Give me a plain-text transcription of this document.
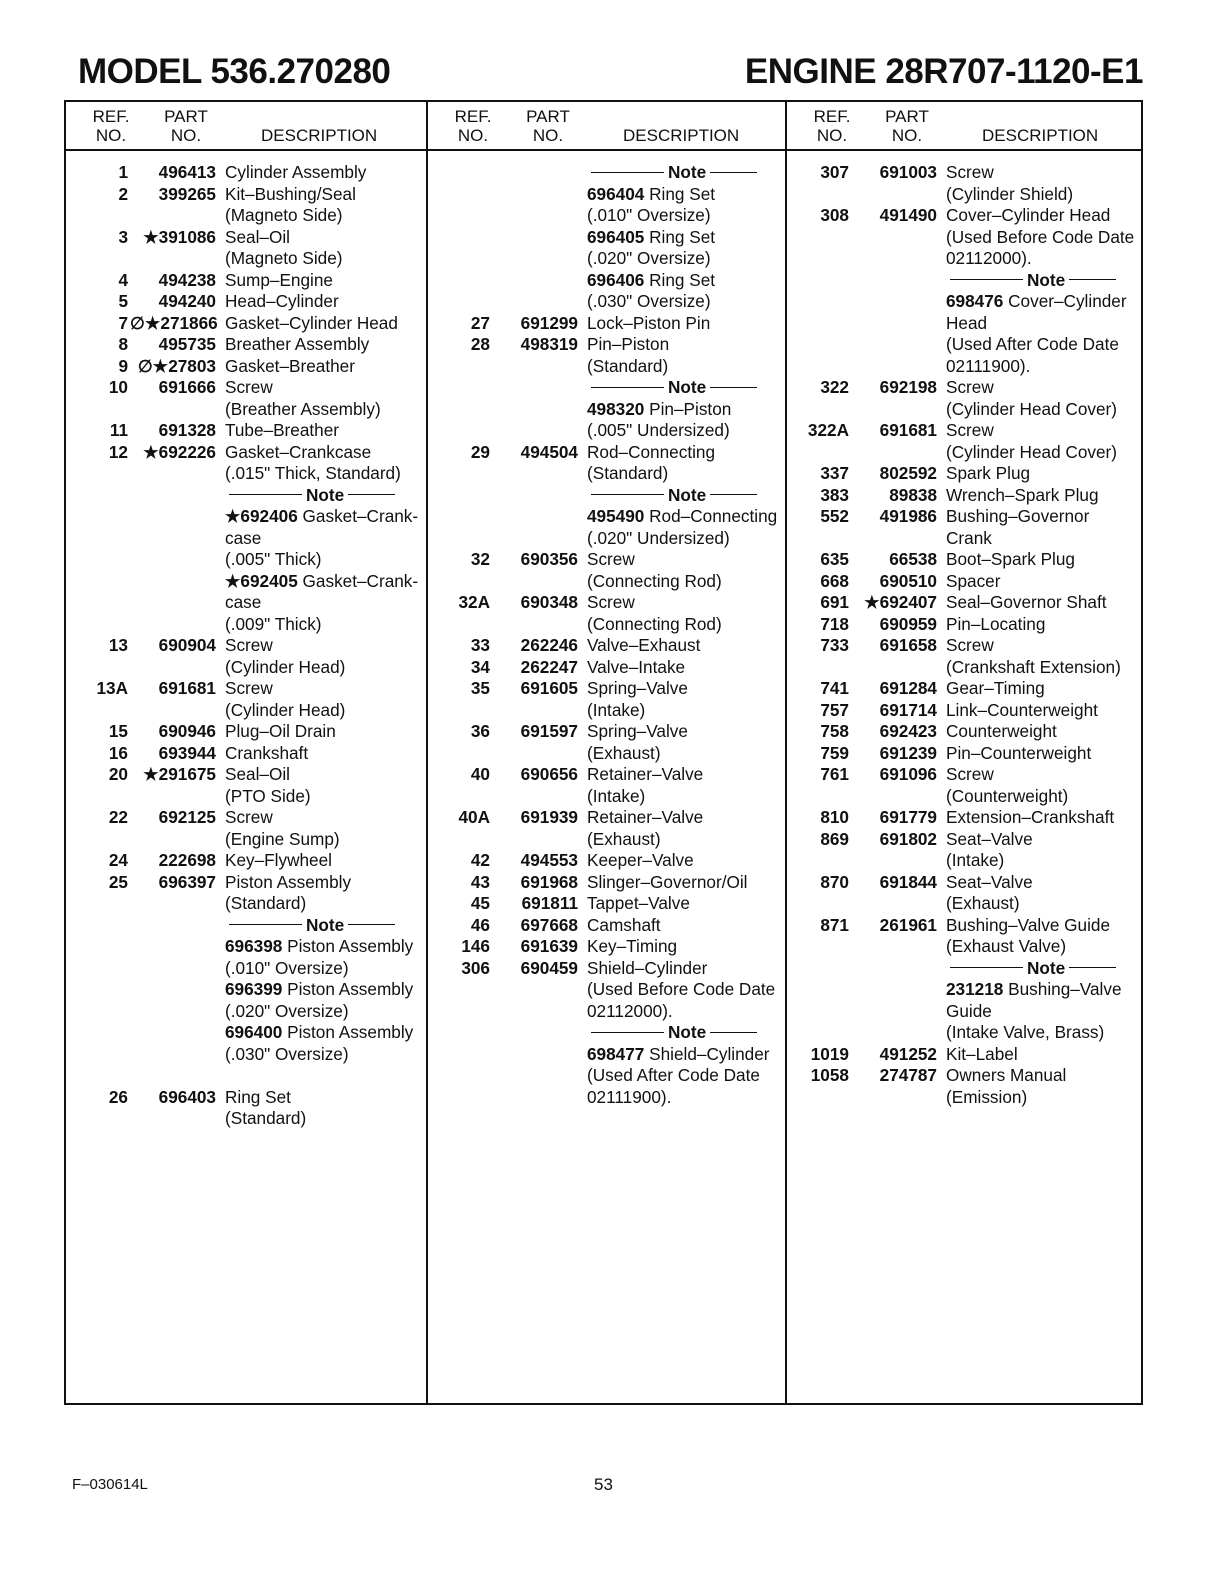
MODEL 536.270280	ENGINE 28R707-1120-E1
REF.
NO.
PART
NO.	DESCRIPTION
1	496413 Cylinder Assembly
2	399265 Kit–Bushing/Seal
(Magneto Side)
3 ★391086 Seal–Oil
(Magneto Side)
4	494238 Sump–Engine
5	494240 Head–Cylinder
7 ∅★271866 Gasket–Cylinder Head
8	495735 Breather Assembly
9 ∅★27803 Gasket–Breather
10	691666 Screw
(Breather Assembly)
11	691328 Tube–Breather
12 ★692226 Gasket–Crankcase
(.015" Thick, Standard)
Note
★692406 Gasket–Crank-
case
(.005" Thick)
★692405 Gasket–Crank-
case
(.009" Thick)
13	690904 Screw
(Cylinder Head)
13A	691681 Screw
(Cylinder Head)
15	690946 Plug–Oil Drain
16	693944 Crankshaft
20 ★291675 Seal–Oil
(PTO Side)
22	692125 Screw
(Engine Sump)
24	222698 Key–Flywheel
25	696397 Piston Assembly
(Standard)
Note
696398 Piston Assembly
(.010" Oversize)
696399 Piston Assembly
(.020" Oversize)
696400 Piston Assembly
(.030" Oversize)
26	696403 Ring Set
(Standard)
REF.
NO.
PART
NO.	DESCRIPTION
Note
696404 Ring Set
(.010" Oversize)
696405 Ring Set
(.020" Oversize)
696406 Ring Set
(.030" Oversize)
27	691299 Lock–Piston Pin
28	498319 Pin–Piston
(Standard)
Note
498320 Pin–Piston
(.005" Undersized)
29	494504 Rod–Connecting
(Standard)
Note
495490 Rod–Connecting
(.020" Undersized)
32	690356 Screw
(Connecting Rod)
32A	690348 Screw
(Connecting Rod)
33	262246 Valve–Exhaust
34	262247 Valve–Intake
35	691605 Spring–Valve
(Intake)
36	691597 Spring–Valve
(Exhaust)
40	690656 Retainer–Valve
(Intake)
40A	691939 Retainer–Valve
(Exhaust)
42	494553 Keeper–Valve
43	691968 Slinger–Governor/Oil
45	691811 Tappet–Valve
46	697668 Camshaft
146	691639 Key–Timing
306	690459 Shield–Cylinder
(Used Before Code Date
02112000).
Note
698477 Shield–Cylinder
(Used After Code Date
02111900).
REF.
NO.
PART
NO.	DESCRIPTION
307	691003 Screw
(Cylinder Shield)
308	491490 Cover–Cylinder Head
(Used Before Code Date
02112000).
Note
698476 Cover–Cylinder
Head
(Used After Code Date
02111900).
322	692198 Screw
(Cylinder Head Cover)
322A	691681 Screw
(Cylinder Head Cover)
337	802592 Spark Plug
383	89838 Wrench–Spark Plug
552	491986 Bushing–Governor
Crank
635	66538 Boot–Spark Plug
668	690510 Spacer
691 ★692407 Seal–Governor Shaft
718	690959 Pin–Locating
733	691658 Screw
(Crankshaft Extension)
741	691284 Gear–Timing
757	691714 Link–Counterweight
758	692423 Counterweight
759	691239 Pin–Counterweight
761	691096 Screw
(Counterweight)
810	691779 Extension–Crankshaft
869	691802 Seat–Valve
(Intake)
870	691844 Seat–Valve
(Exhaust)
871	261961 Bushing–Valve Guide
(Exhaust Valve)
Note
231218 Bushing–Valve
Guide
(Intake Valve, Brass)
1019	491252 Kit–Label
1058	274787 Owners Manual
(Emission)
F–030614L	53
